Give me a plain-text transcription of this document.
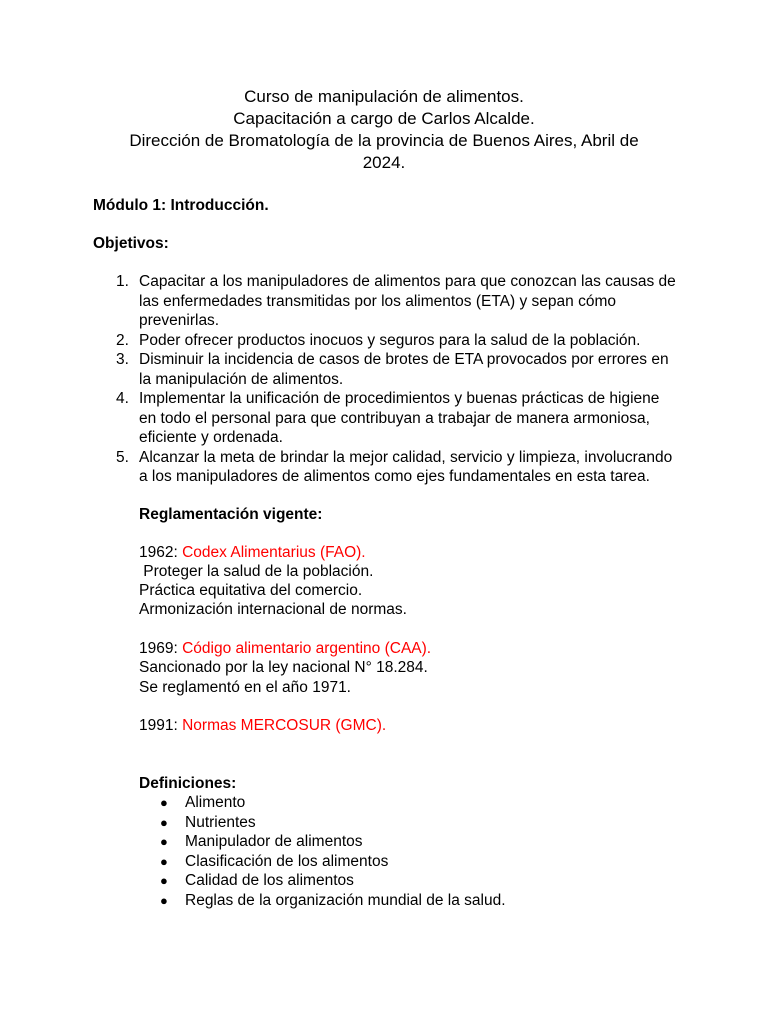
Curso de manipulación de alimentos.
Capacitación a cargo de Carlos Alcalde.
Dirección de Bromatología de la provincia de Buenos Aires, Abril de
2024.
Módulo 1: Introducción.
Objetivos:
1. Capacitar a los manipuladores de alimentos para que conozcan las causas de las enfermedades transmitidas por los alimentos (ETA) y sepan cómo prevenirlas.
2. Poder ofrecer productos inocuos y seguros para la salud de la población.
3. Disminuir la incidencia de casos de brotes de ETA provocados por errores en la manipulación de alimentos.
4. Implementar la unificación de procedimientos y buenas prácticas de higiene en todo el personal para que contribuyan a trabajar de manera armoniosa, eficiente y ordenada.
5. Alcanzar la meta de brindar la mejor calidad, servicio y limpieza, involucrando a los manipuladores de alimentos como ejes fundamentales en esta tarea.
Reglamentación vigente:
1962: Codex Alimentarius (FAO).
Proteger la salud de la población.
Práctica equitativa del comercio.
Armonización internacional de normas.
1969: Código alimentario argentino (CAA).
Sancionado por la ley nacional N° 18.284.
Se reglamentó en el año 1971.
1991: Normas MERCOSUR (GMC).
Definiciones:
● Alimento
● Nutrientes
● Manipulador de alimentos
● Clasificación de los alimentos
● Calidad de los alimentos
● Reglas de la organización mundial de la salud.
